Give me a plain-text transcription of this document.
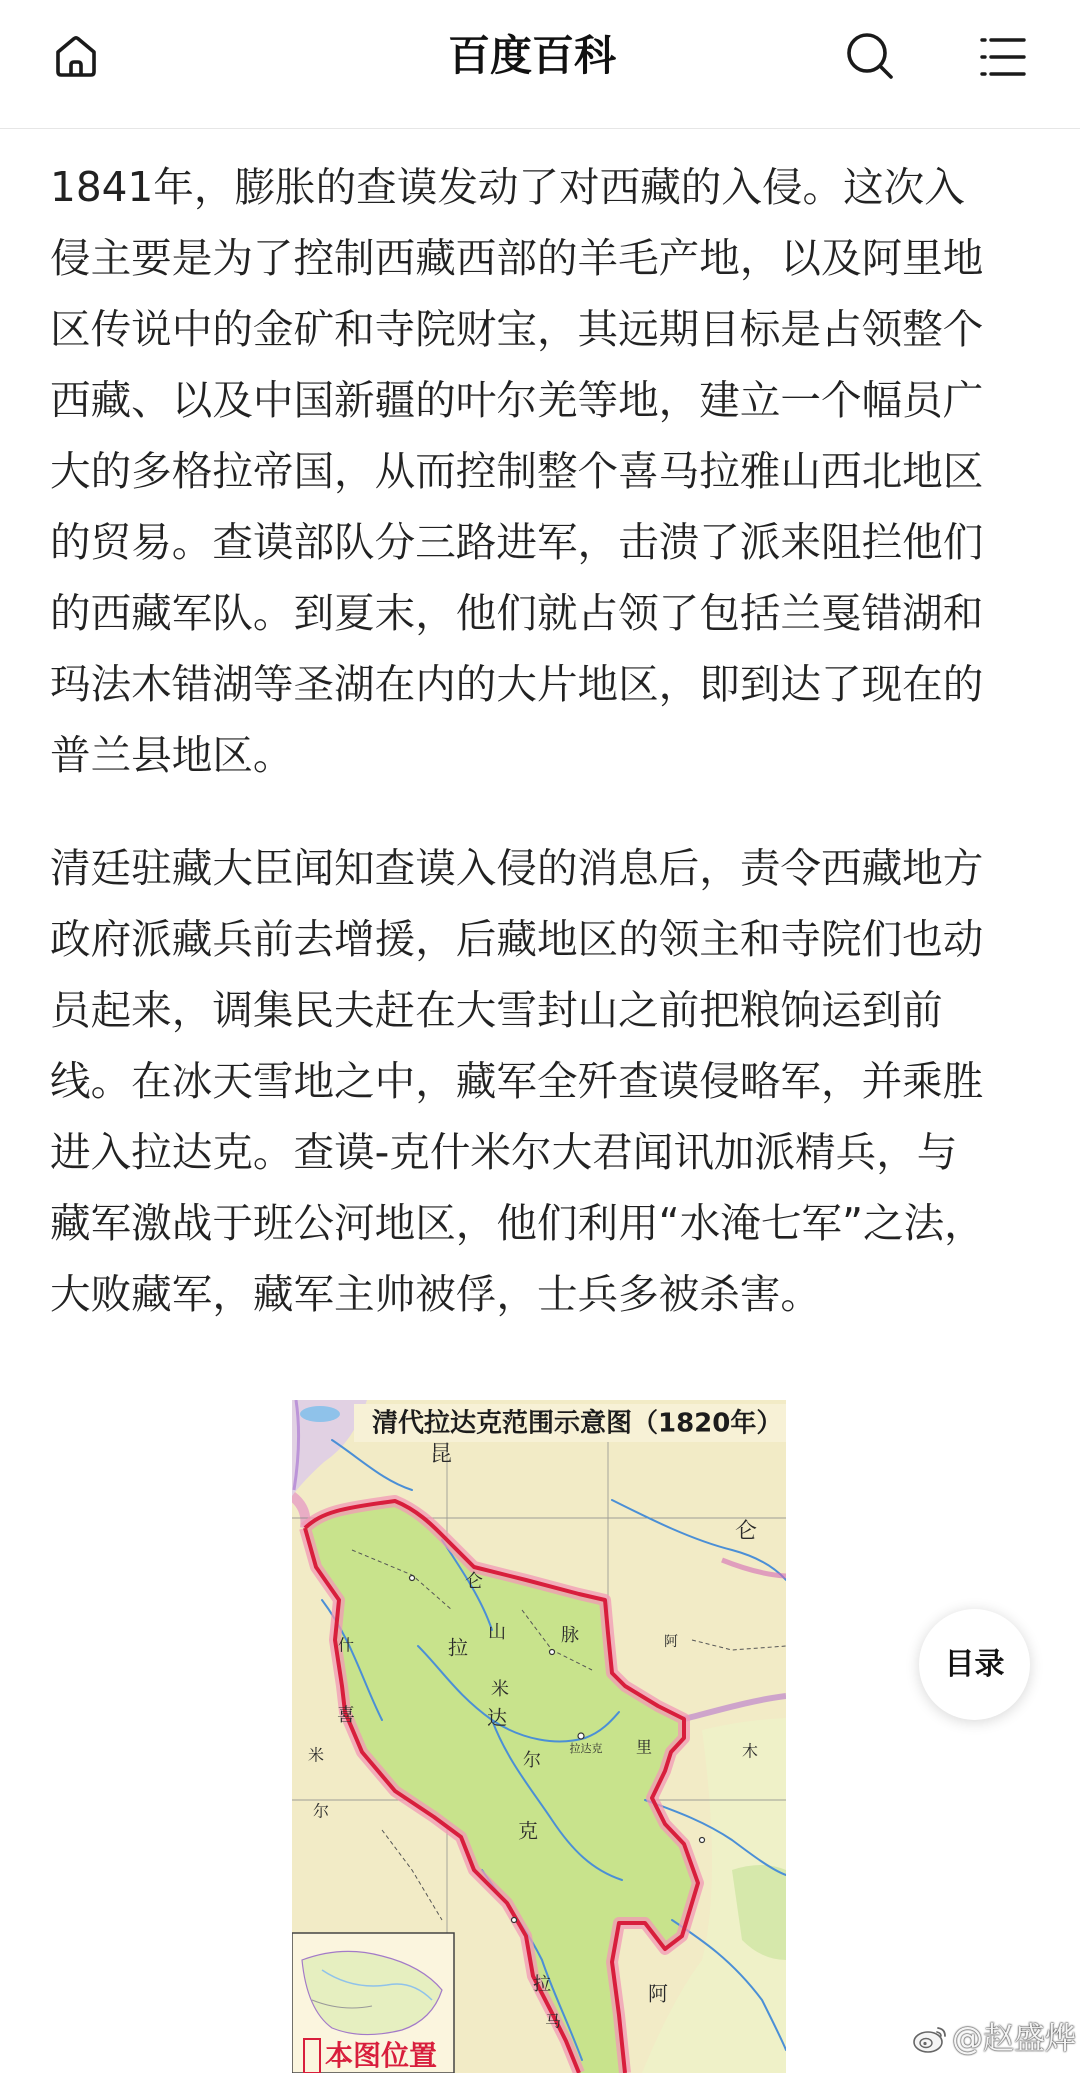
百度百科
1841年，膨胀的查谟发动了对西藏的入侵。这次入
侵主要是为了控制西藏西部的羊毛产地，以及阿里地
区传说中的金矿和寺院财宝，其远期目标是占领整个
西藏、以及中国新疆的叶尔羌等地，建立一个幅员广
大的多格拉帝国，从而控制整个喜马拉雅山西北地区
的贸易。查谟部队分三路进军，击溃了派来阻拦他们
的西藏军队。到夏末，他们就占领了包括兰戛错湖和
玛法木错湖等圣湖在内的大片地区，即到达了现在的
普兰县地区。
清廷驻藏大臣闻知查谟入侵的消息后，责令西藏地方
政府派藏兵前去增援，后藏地区的领主和寺院们也动
员起来，调集民夫赶在大雪封山之前把粮饷运到前
线。在冰天雪地之中，藏军全歼查谟侵略军，并乘胜
进入拉达克。查谟-克什米尔大君闻讯加派精兵，与
藏军激战于班公河地区，他们利用“水淹七军”之法，
大败藏军，藏军主帅被俘，士兵多被杀害。
清代拉达克范围示意图（1820年）
昆
仑
仑
山	脉
拉
米
达
尔
克
什
喜
米
尔
阿
里	木
拉
马
阿
拉达克
本图位置
目录
@赵盛烨
